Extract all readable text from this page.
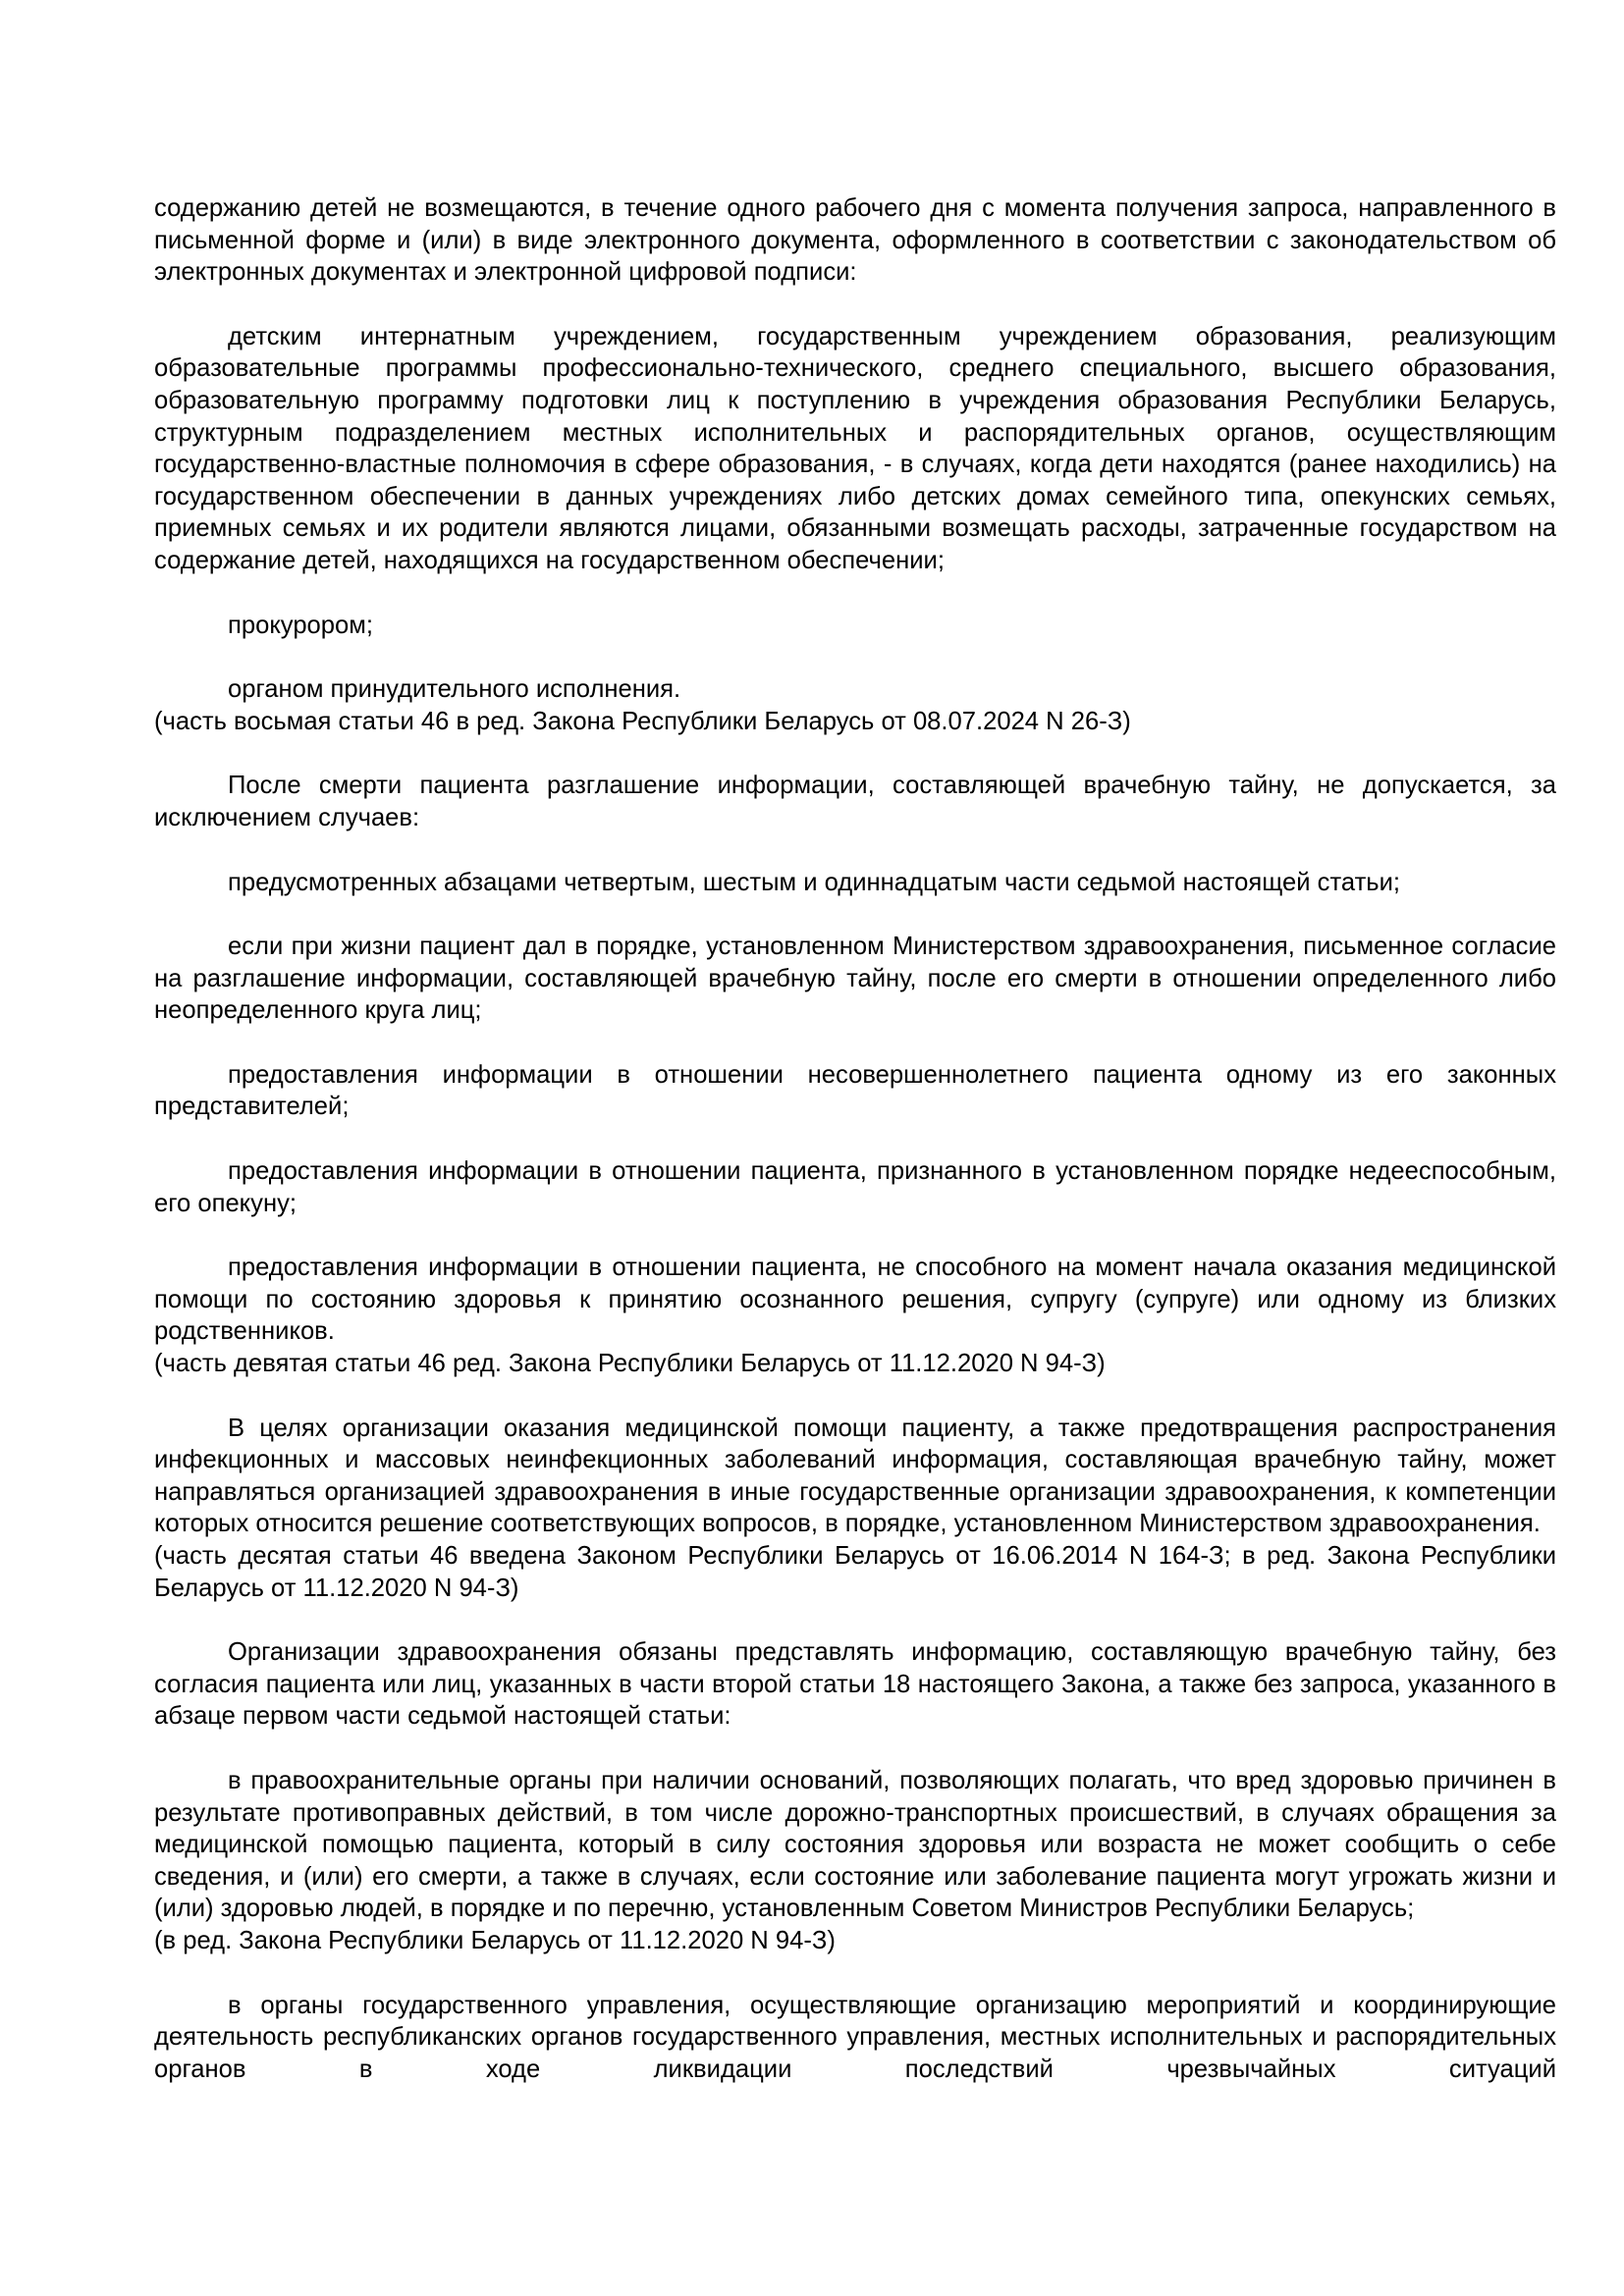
содержанию детей не возмещаются, в течение одного рабочего дня с момента получения запроса, направленного в письменной форме и (или) в виде электронного документа, оформленного в соответствии с законодательством об электронных документах и электронной цифровой подписи:

детским интернатным учреждением, государственным учреждением образования, реализующим образовательные программы профессионально-технического, среднего специального, высшего образования, образовательную программу подготовки лиц к поступлению в учреждения образования Республики Беларусь, структурным подразделением местных исполнительных и распорядительных органов, осуществляющим государственно-властные полномочия в сфере образования, - в случаях, когда дети находятся (ранее находились) на государственном обеспечении в данных учреждениях либо детских домах семейного типа, опекунских семьях, приемных семьях и их родители являются лицами, обязанными возмещать расходы, затраченные государством на содержание детей, находящихся на государственном обеспечении;

прокурором;

органом принудительного исполнения.

(часть восьмая статьи 46 в ред. Закона Республики Беларусь от 08.07.2024 N 26-З)

После смерти пациента разглашение информации, составляющей врачебную тайну, не допускается, за исключением случаев:

предусмотренных абзацами четвертым, шестым и одиннадцатым части седьмой настоящей статьи;

если при жизни пациент дал в порядке, установленном Министерством здравоохранения, письменное согласие на разглашение информации, составляющей врачебную тайну, после его смерти в отношении определенного либо неопределенного круга лиц;

предоставления информации в отношении несовершеннолетнего пациента одному из его законных представителей;

предоставления информации в отношении пациента, признанного в установленном порядке недееспособным, его опекуну;

предоставления информации в отношении пациента, не способного на момент начала оказания медицинской помощи по состоянию здоровья к принятию осознанного решения, супругу (супруге) или одному из близких родственников.

(часть девятая статьи 46 ред. Закона Республики Беларусь от 11.12.2020 N 94-З)

В целях организации оказания медицинской помощи пациенту, а также предотвращения распространения инфекционных и массовых неинфекционных заболеваний информация, составляющая врачебную тайну, может направляться организацией здравоохранения в иные государственные организации здравоохранения, к компетенции которых относится решение соответствующих вопросов, в порядке, установленном Министерством здравоохранения.

(часть десятая статьи 46 введена Законом Республики Беларусь от 16.06.2014 N 164-З; в ред. Закона Республики Беларусь от 11.12.2020 N 94-З)

Организации здравоохранения обязаны представлять информацию, составляющую врачебную тайну, без согласия пациента или лиц, указанных в части второй статьи 18 настоящего Закона, а также без запроса, указанного в абзаце первом части седьмой настоящей статьи:

в правоохранительные органы при наличии оснований, позволяющих полагать, что вред здоровью причинен в результате противоправных действий, в том числе дорожно-транспортных происшествий, в случаях обращения за медицинской помощью пациента, который в силу состояния здоровья или возраста не может сообщить о себе сведения, и (или) его смерти, а также в случаях, если состояние или заболевание пациента могут угрожать жизни и (или) здоровью людей, в порядке и по перечню, установленным Советом Министров Республики Беларусь;

(в ред. Закона Республики Беларусь от 11.12.2020 N 94-З)

в органы государственного управления, осуществляющие организацию мероприятий и координирующие деятельность республиканских органов государственного управления, местных исполнительных и распорядительных органов в ходе ликвидации последствий чрезвычайных ситуаций
